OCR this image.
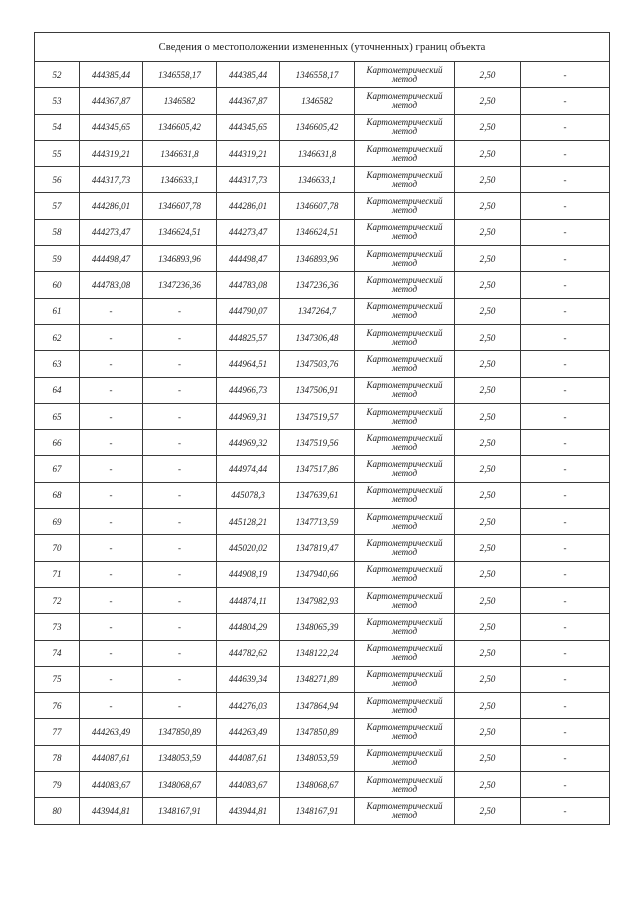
Сведения о местоположении измененных (уточненных) границ объекта							
52	444385,44	1346558,17	444385,44	1346558,17	Картометрический
метод	2,50	-
53	444367,87	1346582	444367,87	1346582	Картометрический
метод	2,50	-
54	444345,65	1346605,42	444345,65	1346605,42	Картометрический
метод	2,50	-
55	444319,21	1346631,8	444319,21	1346631,8	Картометрический
метод	2,50	-
56	444317,73	1346633,1	444317,73	1346633,1	Картометрический
метод	2,50	-
57	444286,01	1346607,78	444286,01	1346607,78	Картометрический
метод	2,50	-
58	444273,47	1346624,51	444273,47	1346624,51	Картометрический
метод	2,50	-
59	444498,47	1346893,96	444498,47	1346893,96	Картометрический
метод	2,50	-
60	444783,08	1347236,36	444783,08	1347236,36	Картометрический
метод	2,50	-
61	-	-	444790,07	1347264,7	Картометрический
метод	2,50	-
62	-	-	444825,57	1347306,48	Картометрический
метод	2,50	-
63	-	-	444964,51	1347503,76	Картометрический
метод	2,50	-
64	-	-	444966,73	1347506,91	Картометрический
метод	2,50	-
65	-	-	444969,31	1347519,57	Картометрический
метод	2,50	-
66	-	-	444969,32	1347519,56	Картометрический
метод	2,50	-
67	-	-	444974,44	1347517,86	Картометрический
метод	2,50	-
68	-	-	445078,3	1347639,61	Картометрический
метод	2,50	-
69	-	-	445128,21	1347713,59	Картометрический
метод	2,50	-
70	-	-	445020,02	1347819,47	Картометрический
метод	2,50	-
71	-	-	444908,19	1347940,66	Картометрический
метод	2,50	-
72	-	-	444874,11	1347982,93	Картометрический
метод	2,50	-
73	-	-	444804,29	1348065,39	Картометрический
метод	2,50	-
74	-	-	444782,62	1348122,24	Картометрический
метод	2,50	-
75	-	-	444639,34	1348271,89	Картометрический
метод	2,50	-
76	-	-	444276,03	1347864,94	Картометрический
метод	2,50	-
77	444263,49	1347850,89	444263,49	1347850,89	Картометрический
метод	2,50	-
78	444087,61	1348053,59	444087,61	1348053,59	Картометрический
метод	2,50	-
79	444083,67	1348068,67	444083,67	1348068,67	Картометрический
метод	2,50	-
80	443944,81	1348167,91	443944,81	1348167,91	Картометрический
метод	2,50	-
